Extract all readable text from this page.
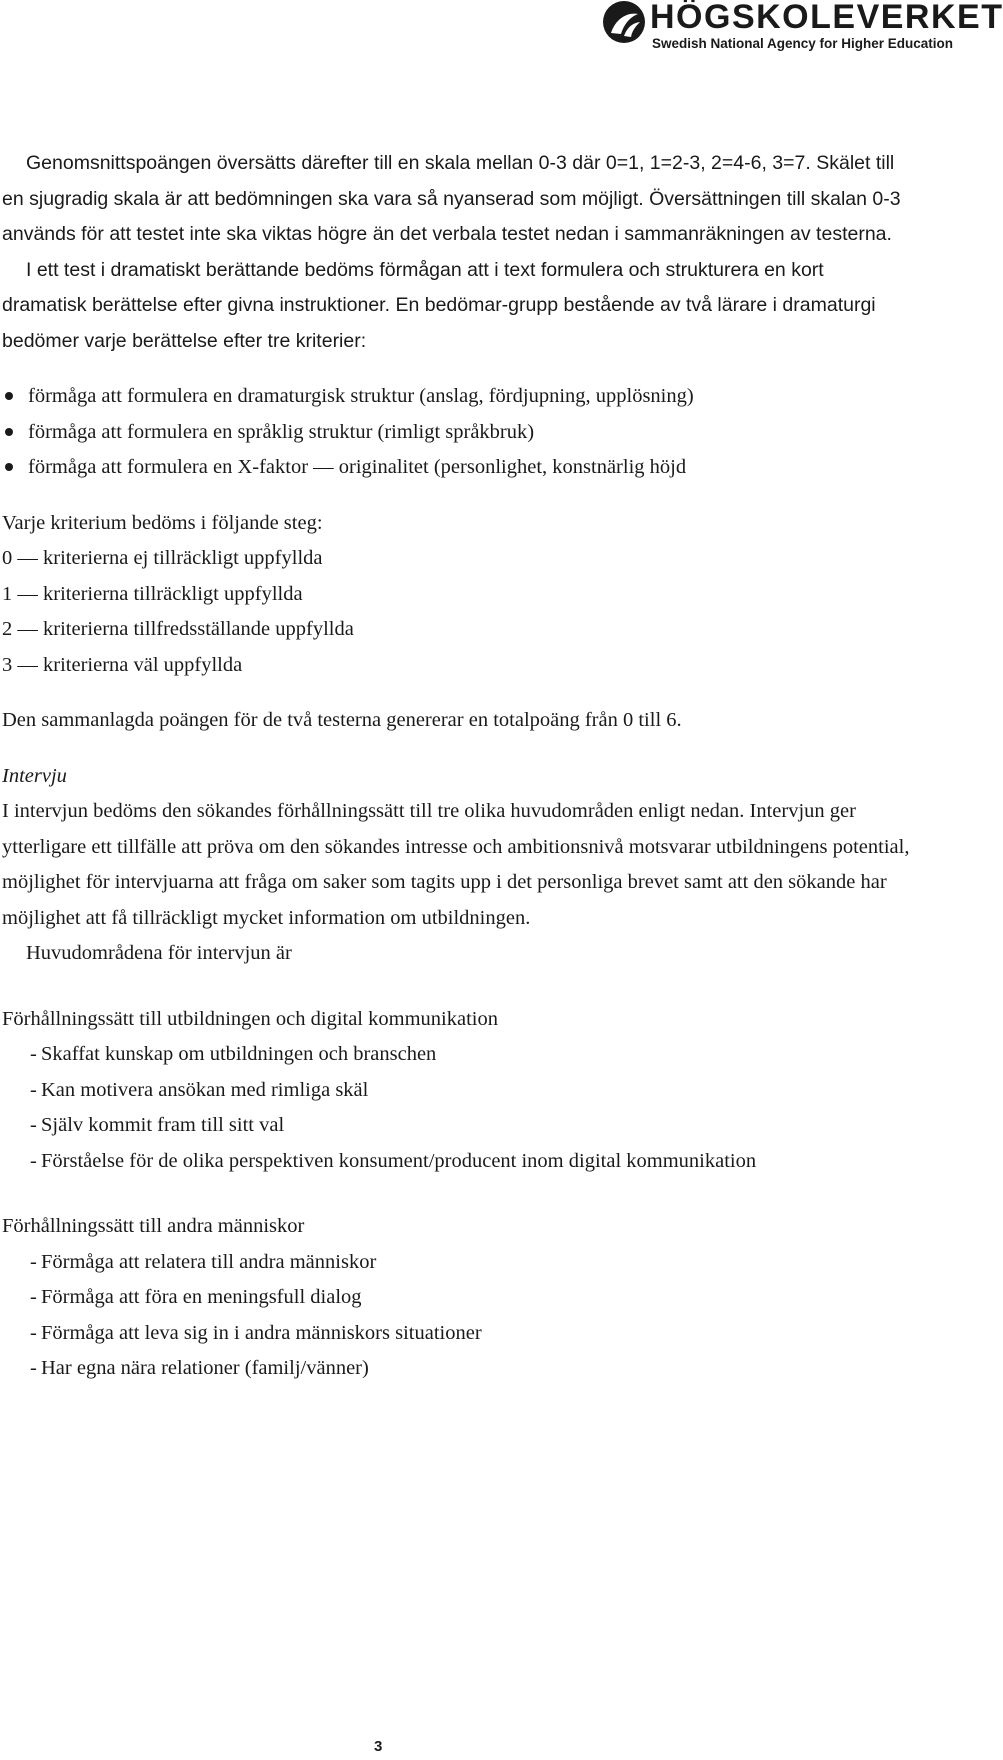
HÖGSKOLEVERKET
Swedish National Agency for Higher Education

Genomsnittspoängen översätts därefter till en skala mellan 0-3 där 0=1, 1=2-3, 2=4-6, 3=7. Skälet till en sjugradig skala är att bedömningen ska vara så nyanserad som möjligt. Översättningen till skalan 0-3 används för att testet inte ska viktas högre än det verbala testet nedan i sammanräkningen av testerna.

I ett test i dramatiskt berättande bedöms förmågan att i text formulera och strukturera en kort dramatisk berättelse efter givna instruktioner. En bedömar-grupp bestående av två lärare i dramaturgi bedömer varje berättelse efter tre kriterier:

förmåga att formulera en dramaturgisk struktur (anslag, fördjupning, upplösning)
förmåga att formulera en språklig struktur (rimligt språkbruk)
förmåga att formulera en X-faktor — originalitet (personlighet, konstnärlig höjd

Varje kriterium bedöms i följande steg:

0 — kriterierna ej tillräckligt uppfyllda

1 — kriterierna tillräckligt uppfyllda

2 — kriterierna tillfredsställande uppfyllda

3 — kriterierna väl uppfyllda

Den sammanlagda poängen för de två testerna genererar en totalpoäng från 0 till 6.

Intervju

I intervjun bedöms den sökandes förhållningssätt till tre olika huvudområden enligt nedan. Intervjun ger ytterligare ett tillfälle att pröva om den sökandes intresse och ambitionsnivå motsvarar utbildningens potential, möjlighet för intervjuarna att fråga om saker som tagits upp i det personliga brevet samt att den sökande har möjlighet att få tillräckligt mycket information om utbildningen.

Huvudområdena för intervjun är

Förhållningssätt till utbildningen och digital kommunikation

- Skaffat kunskap om utbildningen och branschen
- Kan motivera ansökan med rimliga skäl
- Själv kommit fram till sitt val
- Förståelse för de olika perspektiven konsument/producent inom digital kommunikation

Förhållningssätt till andra människor

- Förmåga att relatera till andra människor
- Förmåga att föra en meningsfull dialog
- Förmåga att leva sig in i andra människors situationer
- Har egna nära relationer (familj/vänner)
3
